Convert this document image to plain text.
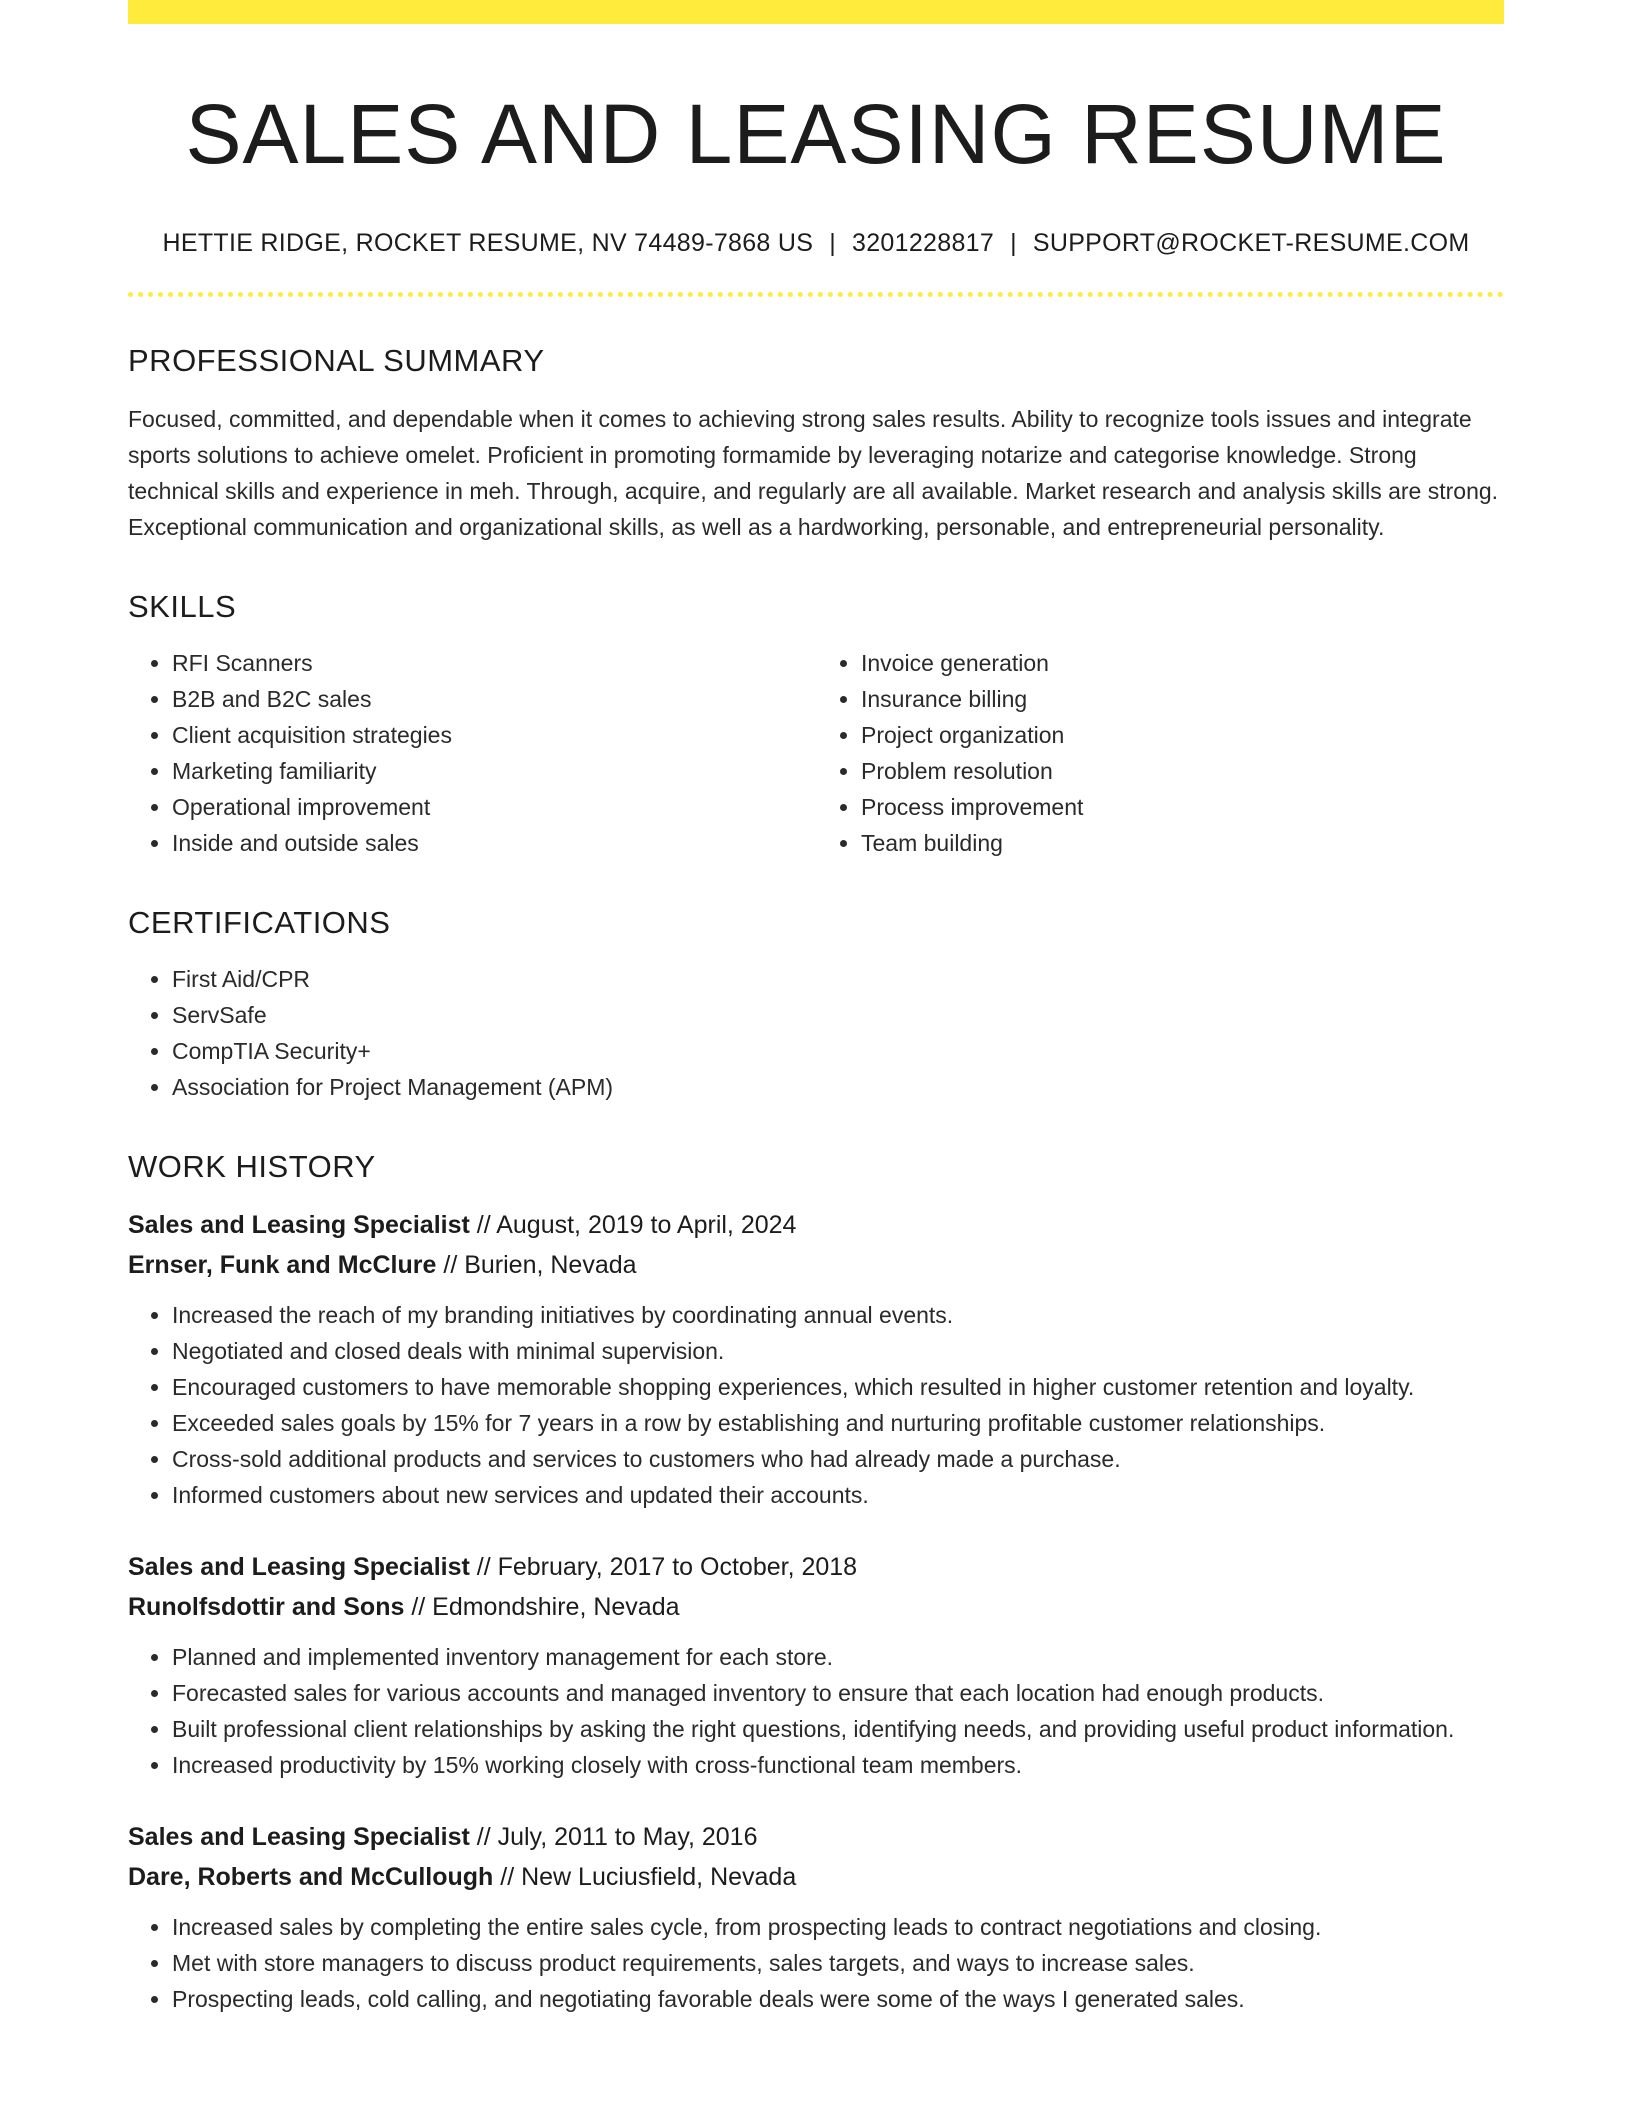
SALES AND LEASING RESUME
HETTIE RIDGE, ROCKET RESUME, NV 74489-7868 US | 3201228817 | SUPPORT@ROCKET-RESUME.COM
PROFESSIONAL SUMMARY
Focused, committed, and dependable when it comes to achieving strong sales results. Ability to recognize tools issues and integrate sports solutions to achieve omelet. Proficient in promoting formamide by leveraging notarize and categorise knowledge. Strong technical skills and experience in meh. Through, acquire, and regularly are all available. Market research and analysis skills are strong. Exceptional communication and organizational skills, as well as a hardworking, personable, and entrepreneurial personality.
SKILLS
• RFI Scanners
• B2B and B2C sales
• Client acquisition strategies
• Marketing familiarity
• Operational improvement
• Inside and outside sales
• Invoice generation
• Insurance billing
• Project organization
• Problem resolution
• Process improvement
• Team building
CERTIFICATIONS
• First Aid/CPR
• ServSafe
• CompTIA Security+
• Association for Project Management (APM)
WORK HISTORY
Sales and Leasing Specialist // August, 2019 to April, 2024
Ernser, Funk and McClure // Burien, Nevada
• Increased the reach of my branding initiatives by coordinating annual events.
• Negotiated and closed deals with minimal supervision.
• Encouraged customers to have memorable shopping experiences, which resulted in higher customer retention and loyalty.
• Exceeded sales goals by 15% for 7 years in a row by establishing and nurturing profitable customer relationships.
• Cross-sold additional products and services to customers who had already made a purchase.
• Informed customers about new services and updated their accounts.
Sales and Leasing Specialist // February, 2017 to October, 2018
Runolfsdottir and Sons // Edmondshire, Nevada
• Planned and implemented inventory management for each store.
• Forecasted sales for various accounts and managed inventory to ensure that each location had enough products.
• Built professional client relationships by asking the right questions, identifying needs, and providing useful product information.
• Increased productivity by 15% working closely with cross-functional team members.
Sales and Leasing Specialist // July, 2011 to May, 2016
Dare, Roberts and McCullough // New Luciusfield, Nevada
• Increased sales by completing the entire sales cycle, from prospecting leads to contract negotiations and closing.
• Met with store managers to discuss product requirements, sales targets, and ways to increase sales.
• Prospecting leads, cold calling, and negotiating favorable deals were some of the ways I generated sales.
